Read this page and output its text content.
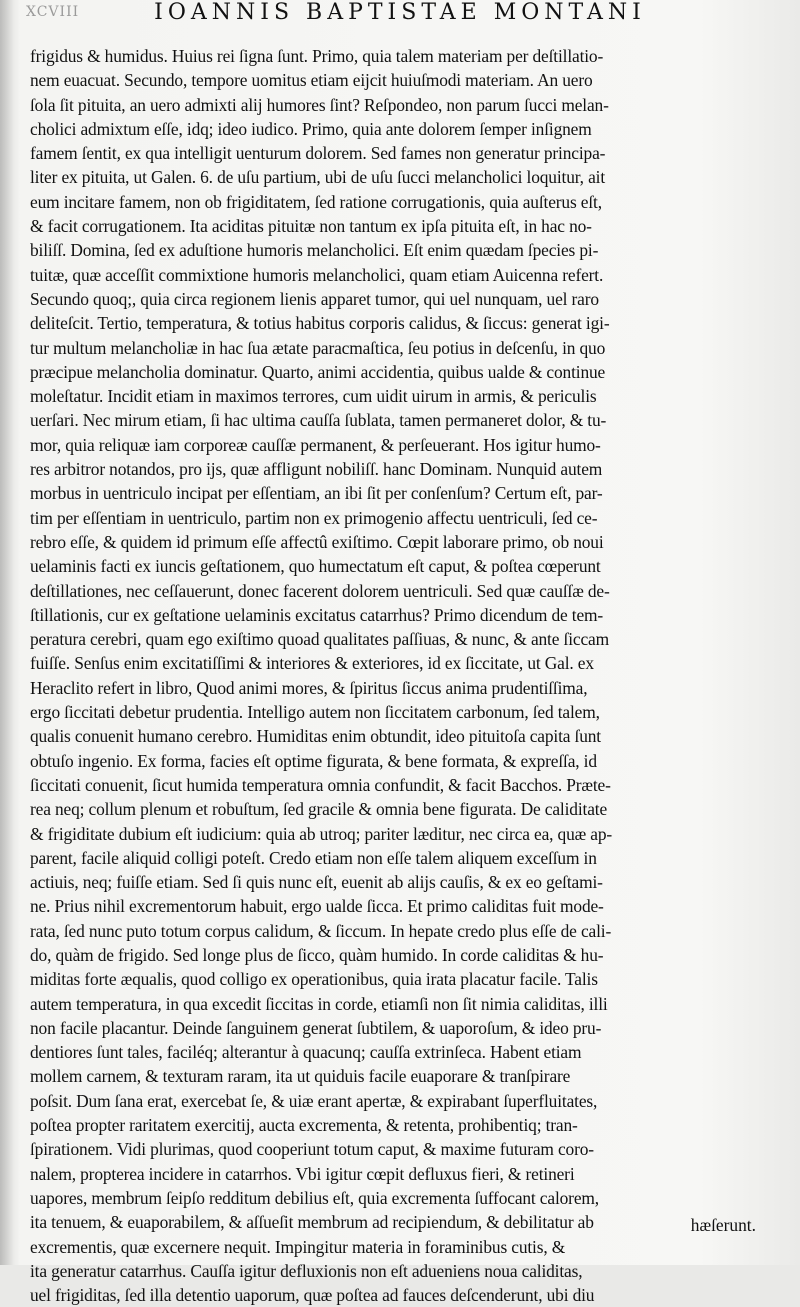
XCVIII	IOANNIS BAPTISTAE MONTANI
frigidus & humidus. Huius rei ſigna ſunt. Primo, quia talem materiam per deſtillatio-
nem euacuat. Secundo, tempore uomitus etiam eijcit huiuſmodi materiam. An uero
ſola ſit pituita, an uero admixti alij humores ſint? Reſpondeo, non parum ſucci melan-
cholici admixtum eſſe, idq; ideo iudico. Primo, quia ante dolorem ſemper inſignem
famem ſentit, ex qua intelligit uenturum dolorem. Sed fames non generatur principa-
liter ex pituita, ut Galen. 6. de uſu partium, ubi de uſu ſucci melancholici loquitur, ait
eum incitare famem, non ob frigiditatem, ſed ratione corrugationis, quia auſterus eſt,
& facit corrugationem. Ita aciditas pituitæ non tantum ex ipſa pituita eſt, in hac no-
biliſſ. Domina, ſed ex aduſtione humoris melancholici. Eſt enim quædam ſpecies pi-
tuitæ, quæ acceſſit commixtione humoris melancholici, quam etiam Auicenna refert.
Secundo quoq;, quia circa regionem lienis apparet tumor, qui uel nunquam, uel raro
deliteſcit. Tertio, temperatura, & totius habitus corporis calidus, & ſiccus: generat igi-
tur multum melancholiæ in hac ſua ætate paracmaſtica, ſeu potius in deſcenſu, in quo
præcipue melancholia dominatur. Quarto, animi accidentia, quibus ualde & continue
moleſtatur. Incidit etiam in maximos terrores, cum uidit uirum in armis, & periculis
uerſari. Nec mirum etiam, ſi hac ultima cauſſa ſublata, tamen permaneret dolor, & tu-
mor, quia reliquæ iam corporeæ cauſſæ permanent, & perſeuerant. Hos igitur humo-
res arbitror notandos, pro ijs, quæ affligunt nobiliſſ. hanc Dominam. Nunquid autem
morbus in uentriculo incipat per eſſentiam, an ibi ſit per conſenſum? Certum eſt, par-
tim per eſſentiam in uentriculo, partim non ex primogenio affectu uentriculi, ſed ce-
rebro eſſe, & quidem id primum eſſe affectû exiſtimo. Cœpit laborare primo, ob noui
uelaminis facti ex iuncis geſtationem, quo humectatum eſt caput, & poſtea cœperunt
deſtillationes, nec ceſſauerunt, donec facerent dolorem uentriculi. Sed quæ cauſſæ de-
ſtillationis, cur ex geſtatione uelaminis excitatus catarrhus? Primo dicendum de tem-
peratura cerebri, quam ego exiſtimo quoad qualitates paſſiuas, & nunc, & ante ſiccam
fuiſſe. Senſus enim excitatiſſimi & interiores & exteriores, id ex ſiccitate, ut Gal. ex
Heraclito refert in libro, Quod animi mores, & ſpiritus ſiccus anima prudentiſſima,
ergo ſiccitati debetur prudentia. Intelligo autem non ſiccitatem carbonum, ſed talem,
qualis conuenit humano cerebro. Humiditas enim obtundit, ideo pituitoſa capita ſunt
obtuſo ingenio. Ex forma, facies eſt optime figurata, & bene formata, & expreſſa, id
ſiccitati conuenit, ſicut humida temperatura omnia confundit, & facit Bacchos. Præte-
rea neq; collum plenum et robuſtum, ſed gracile & omnia bene figurata. De caliditate
& frigiditate dubium eſt iudicium: quia ab utroq; pariter læditur, nec circa ea, quæ ap-
parent, facile aliquid colligi poteſt. Credo etiam non eſſe talem aliquem exceſſum in
actiuis, neq; fuiſſe etiam. Sed ſi quis nunc eſt, euenit ab alijs cauſis, & ex eo geſtami-
ne. Prius nihil excrementorum habuit, ergo ualde ſicca. Et primo caliditas fuit mode-
rata, ſed nunc puto totum corpus calidum, & ſiccum. In hepate credo plus eſſe de cali-
do, quàm de frigido. Sed longe plus de ſicco, quàm humido. In corde caliditas & hu-
miditas forte æqualis, quod colligo ex operationibus, quia irata placatur facile. Talis
autem temperatura, in qua excedit ſiccitas in corde, etiamſi non ſit nimia caliditas, illi
non facile placantur. Deinde ſanguinem generat ſubtilem, & uaporoſum, & ideo pru-
dentiores ſunt tales, faciléq; alterantur à quacunq; cauſſa extrinſeca. Habent etiam
mollem carnem, & texturam raram, ita ut quiduis facile euaporare & tranſpirare
poſsit. Dum ſana erat, exercebat ſe, & uiæ erant apertæ, & expirabant ſuperfluitates,
poſtea propter raritatem exercitij, aucta excrementa, & retenta, prohibentiq; tran-
ſpirationem. Vidi plurimas, quod cooperiunt totum caput, & maxime futuram coro-
nalem, propterea incidere in catarrhos. Vbi igitur cœpit defluxus fieri, & retineri
uapores, membrum ſeipſo redditum debilius eſt, quia excrementa ſuffocant calorem,
ita tenuem, & euaporabilem, & aſſueſit membrum ad recipiendum, & debilitatur ab
excrementis, quæ excernere nequit. Impingitur materia in foraminibus cutis, &
ita generatur catarrhus. Cauſſa igitur defluxionis non eſt adueniens noua caliditas,
uel frigiditas, ſed illa detentio uaporum, quæ poſtea ad fauces deſcenderunt, ubi diu
hæſerunt.
